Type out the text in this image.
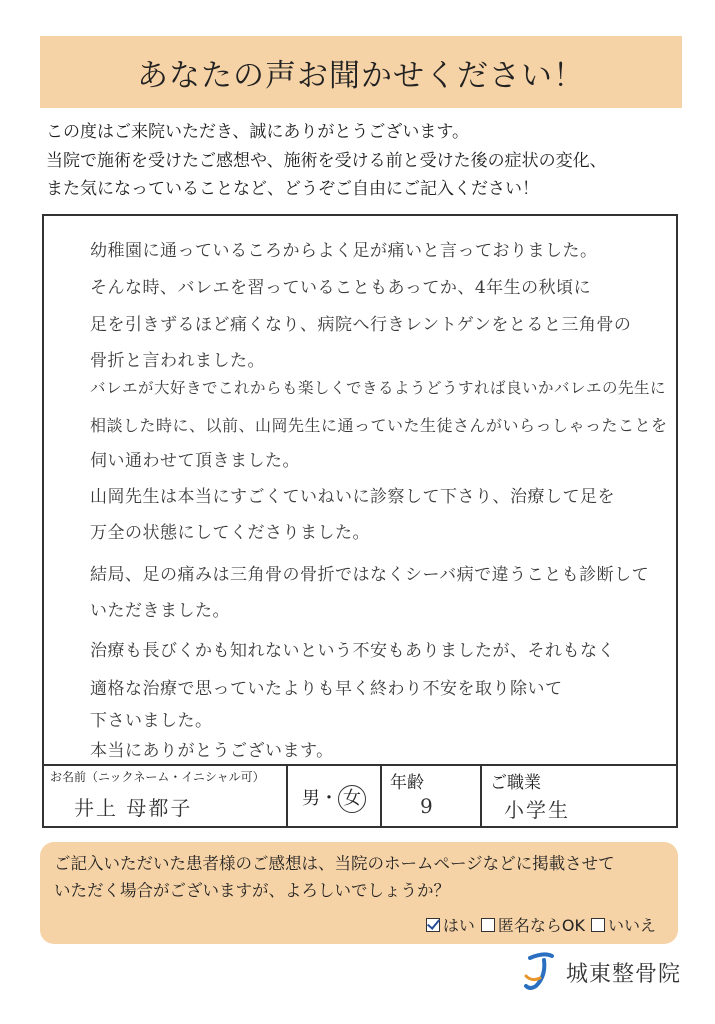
あなたの声お聞かせください！
この度はご来院いただき、誠にありがとうございます。
当院で施術を受けたご感想や、施術を受ける前と受けた後の症状の変化、
また気になっていることなど、どうぞご自由にご記入ください！
幼稚園に通っているころからよく足が痛いと言っておりました。
そんな時、バレエを習っていることもあってか、4年生の秋頃に
足を引きずるほど痛くなり、病院へ行きレントゲンをとると三角骨の
骨折と言われました。
バレエが大好きでこれからも楽しくできるようどうすれば良いかバレエの先生に
相談した時に、以前、山岡先生に通っていた生徒さんがいらっしゃったことを
伺い通わせて頂きました。
山岡先生は本当にすごくていねいに診察して下さり、治療して足を
万全の状態にしてくださりました。
結局、足の痛みは三角骨の骨折ではなくシーバ病で違うことも診断して
いただきました。
治療も長びくかも知れないという不安もありましたが、それもなく
適格な治療で思っていたよりも早く終わり不安を取り除いて
下さいました。
本当にありがとうございます。
お名前（ニックネーム・イニシャル可）
井上 母都子	男・ 女
年齢
9
ご職業
小学生
ご記入いただいた患者様のご感想は、当院のホームページなどに掲載させて
いただく場合がございますが、よろしいでしょうか？
はい 匿名ならOK いいえ
城東整骨院
